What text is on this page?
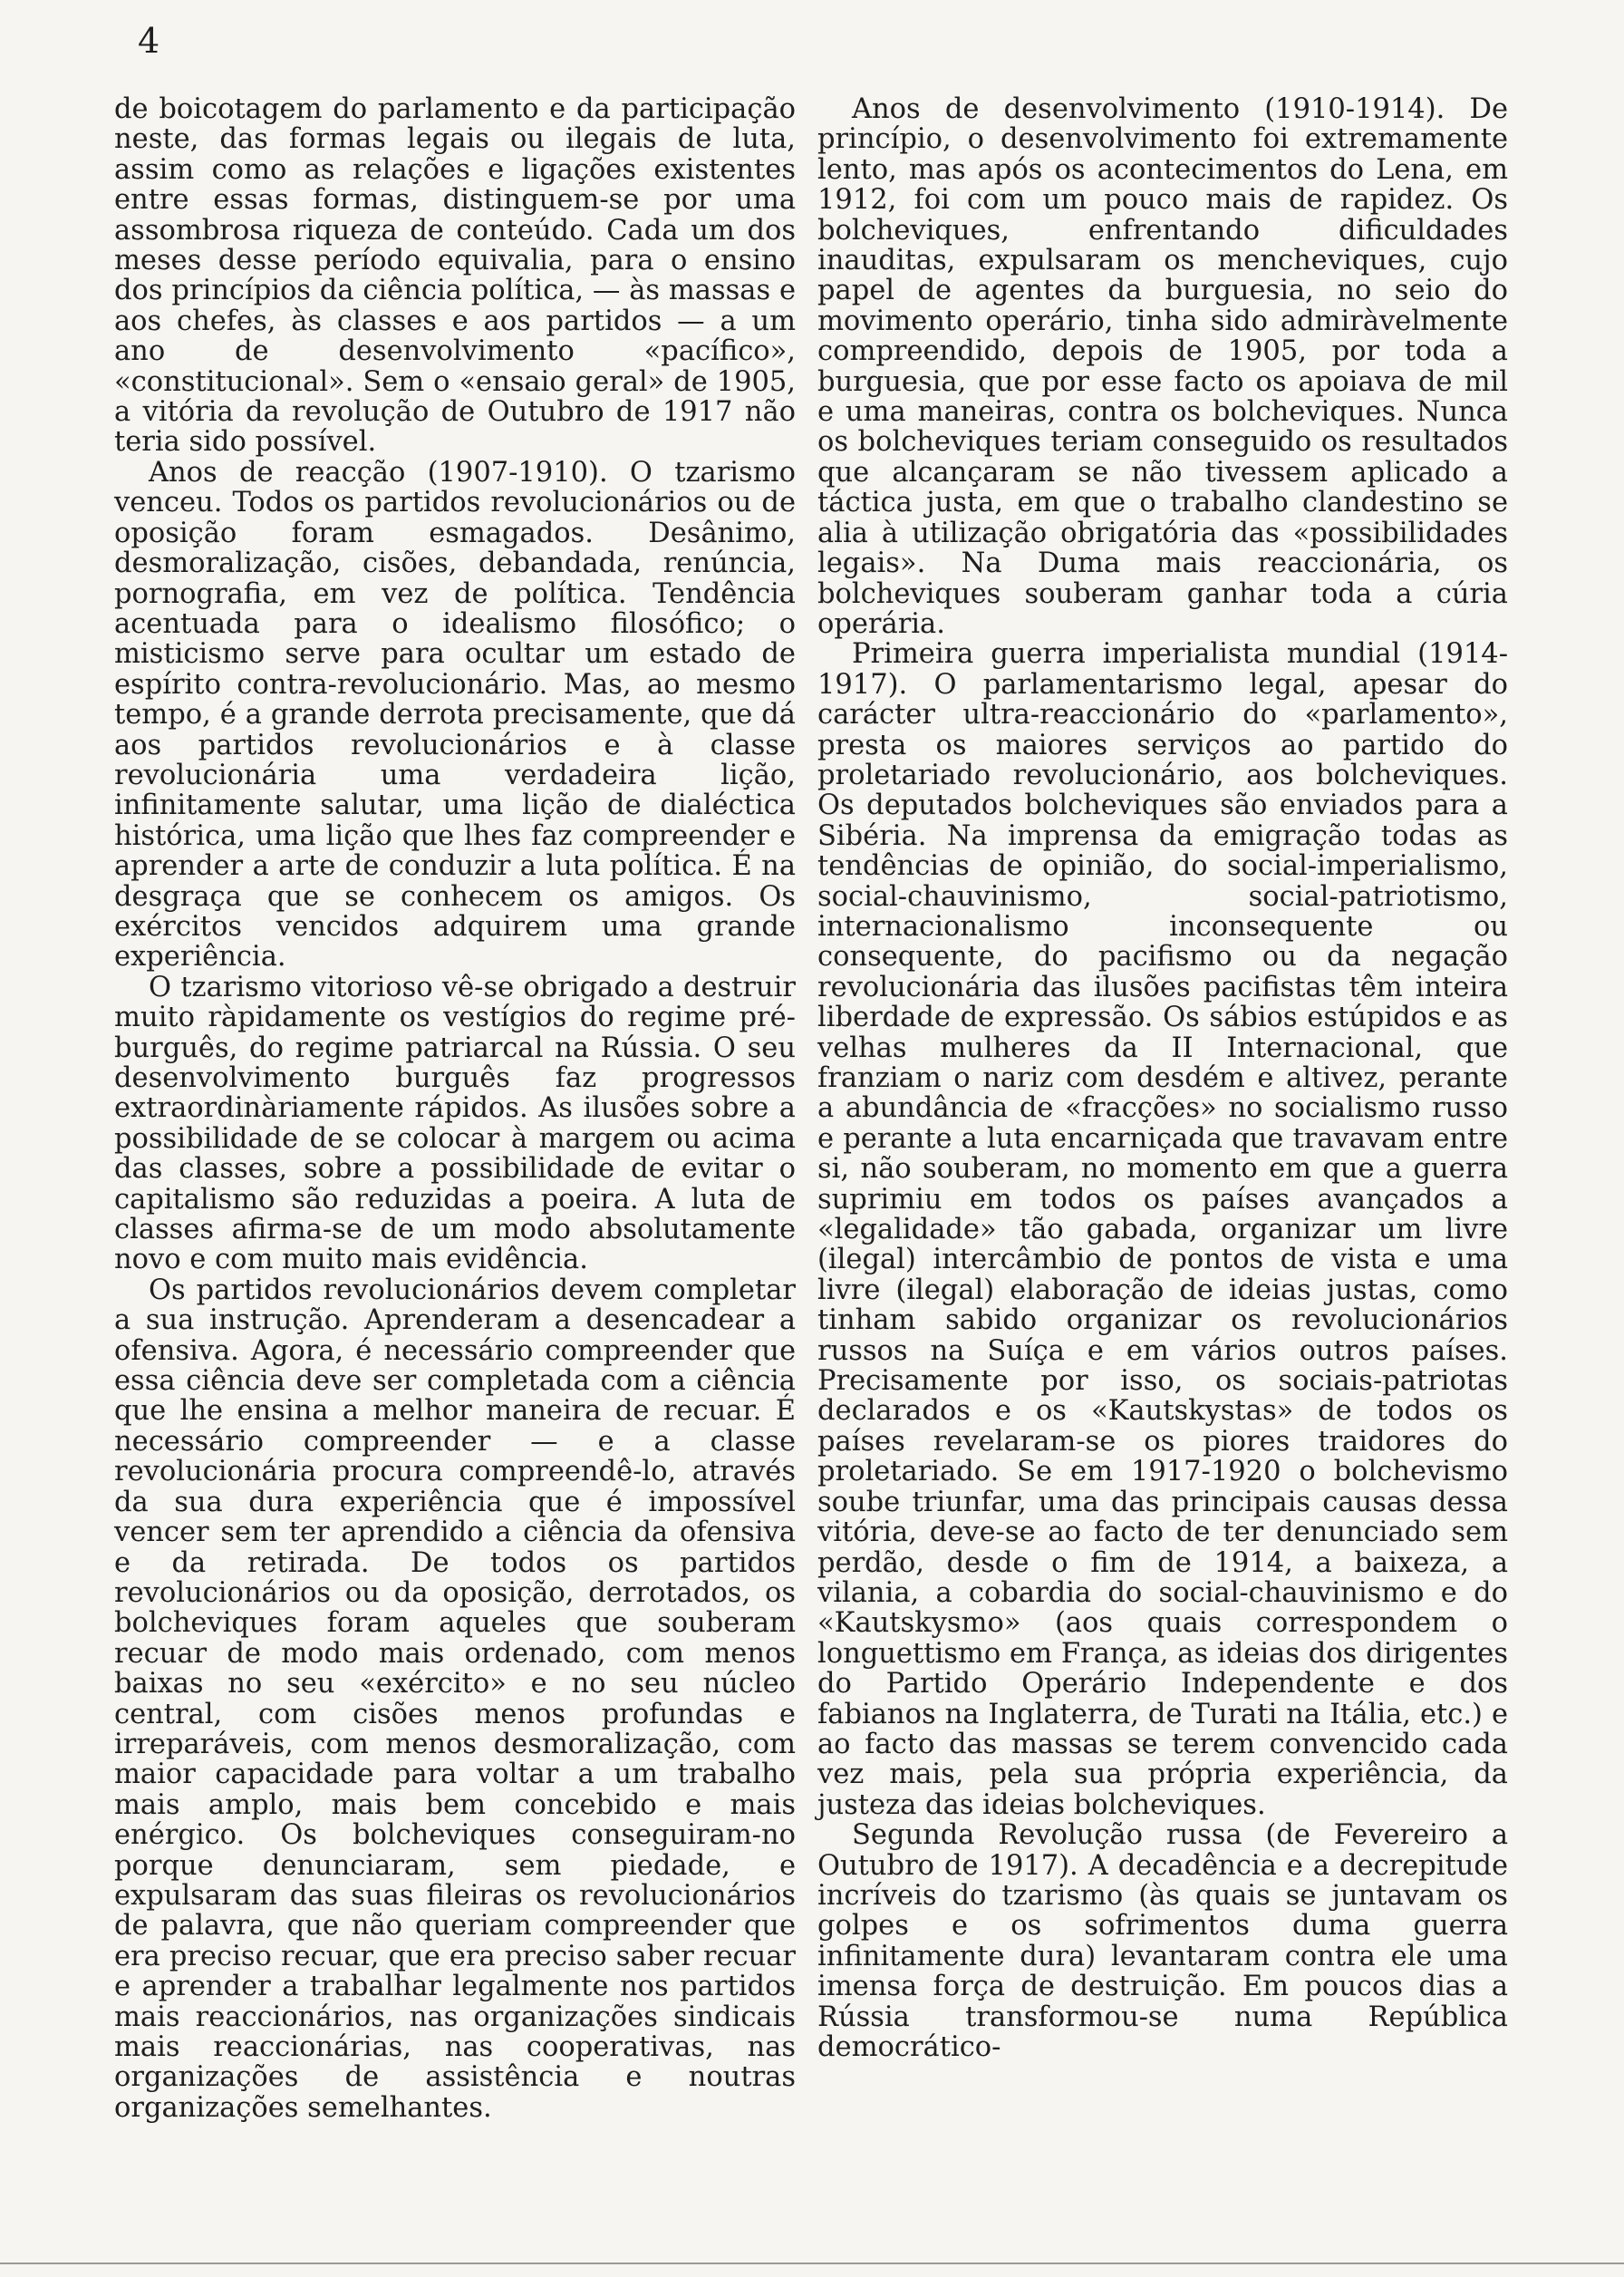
4

de boicotagem do parlamento e da participação neste, das formas legais ou ilegais de luta, assim como as relações e ligações existentes entre essas formas, distinguem-se por uma assombrosa riqueza de conteúdo. Cada um dos meses desse período equivalia, para o ensino dos princípios da ciência política, — às massas e aos chefes, às classes e aos partidos — a um ano de desenvolvimento «pacífico», «constitucional». Sem o «ensaio geral» de 1905, a vitória da revolução de Outubro de 1917 não teria sido possível.

Anos de reacção (1907-1910). O tzarismo venceu. Todos os partidos revolucionários ou de oposição foram esmagados. Desânimo, desmoralização, cisões, debandada, renúncia, pornografia, em vez de política. Tendência acentuada para o idealismo filosófico; o misticismo serve para ocultar um estado de espírito contra-revolucionário. Mas, ao mesmo tempo, é a grande derrota precisamente, que dá aos partidos revolucionários e à classe revolucionária uma verdadeira lição, infinitamente salutar, uma lição de dialéctica histórica, uma lição que lhes faz compreender e aprender a arte de conduzir a luta política. É na desgraça que se conhecem os amigos. Os exércitos vencidos adquirem uma grande experiência.

O tzarismo vitorioso vê-se obrigado a destruir muito ràpidamente os vestígios do regime pré-burguês, do regime patriarcal na Rússia. O seu desenvolvimento burguês faz progressos extraordinàriamente rápidos. As ilusões sobre a possibilidade de se colocar à margem ou acima das classes, sobre a possibilidade de evitar o capitalismo são reduzidas a poeira. A luta de classes afirma-se de um modo absolutamente novo e com muito mais evidência.

Os partidos revolucionários devem completar a sua instrução. Aprenderam a desencadear a ofensiva. Agora, é necessário compreender que essa ciência deve ser completada com a ciência que lhe ensina a melhor maneira de recuar. É necessário compreender — e a classe revolucionária procura compreendê-lo, através da sua dura experiência que é impossível vencer sem ter aprendido a ciência da ofensiva e da retirada. De todos os partidos revolucionários ou da oposição, derrotados, os bolcheviques foram aqueles que souberam recuar de modo mais ordenado, com menos baixas no seu «exército» e no seu núcleo central, com cisões menos profundas e irreparáveis, com menos desmoralização, com maior capacidade para voltar a um trabalho mais amplo, mais bem concebido e mais enérgico. Os bolcheviques conseguiram-no porque denunciaram, sem piedade, e expulsaram das suas fileiras os revolucionários de palavra, que não queriam compreender que era preciso recuar, que era preciso saber recuar e aprender a trabalhar legalmente nos partidos mais reaccionários, nas organizações sindicais mais reaccionárias, nas cooperativas, nas organizações de assistência e noutras organizações semelhantes.

Anos de desenvolvimento (1910-1914). De princípio, o desenvolvimento foi extremamente lento, mas após os acontecimentos do Lena, em 1912, foi com um pouco mais de rapidez. Os bolcheviques, enfrentando dificuldades inauditas, expulsaram os mencheviques, cujo papel de agentes da burguesia, no seio do movimento operário, tinha sido admiràvelmente compreendido, depois de 1905, por toda a burguesia, que por esse facto os apoiava de mil e uma maneiras, contra os bolcheviques. Nunca os bolcheviques teriam conseguido os resultados que alcançaram se não tivessem aplicado a táctica justa, em que o trabalho clandestino se alia à utilização obrigatória das «possibilidades legais». Na Duma mais reaccionária, os bolcheviques souberam ganhar toda a cúria operária.

Primeira guerra imperialista mundial (1914-1917). O parlamentarismo legal, apesar do carácter ultra-reaccionário do «parlamento», presta os maiores serviços ao partido do proletariado revolucionário, aos bolcheviques. Os deputados bolcheviques são enviados para a Sibéria. Na imprensa da emigração todas as tendências de opinião, do social-imperialismo, social-chauvinismo, social-patriotismo, internacionalismo inconsequente ou consequente, do pacifismo ou da negação revolucionária das ilusões pacifistas têm inteira liberdade de expressão. Os sábios estúpidos e as velhas mulheres da II Internacional, que franziam o nariz com desdém e altivez, perante a abundância de «fracções» no socialismo russo e perante a luta encarniçada que travavam entre si, não souberam, no momento em que a guerra suprimiu em todos os países avançados a «legalidade» tão gabada, organizar um livre (ilegal) intercâmbio de pontos de vista e uma livre (ilegal) elaboração de ideias justas, como tinham sabido organizar os revolucionários russos na Suíça e em vários outros países. Precisamente por isso, os sociais-patriotas declarados e os «Kautskystas» de todos os países revelaram-se os piores traidores do proletariado. Se em 1917-1920 o bolchevismo soube triunfar, uma das principais causas dessa vitória, deve-se ao facto de ter denunciado sem perdão, desde o fim de 1914, a baixeza, a vilania, a cobardia do social-chauvinismo e do «Kautskysmo» (aos quais correspondem o longuettismo em França, as ideias dos dirigentes do Partido Operário Independente e dos fabianos na Inglaterra, de Turati na Itália, etc.) e ao facto das massas se terem convencido cada vez mais, pela sua própria experiência, da justeza das ideias bolcheviques.

Segunda Revolução russa (de Fevereiro a Outubro de 1917). A decadência e a decrepitude incríveis do tzarismo (às quais se juntavam os golpes e os sofrimentos duma guerra infinitamente dura) levantaram contra ele uma imensa força de destruição. Em poucos dias a Rússia transformou-se numa República democrático-
